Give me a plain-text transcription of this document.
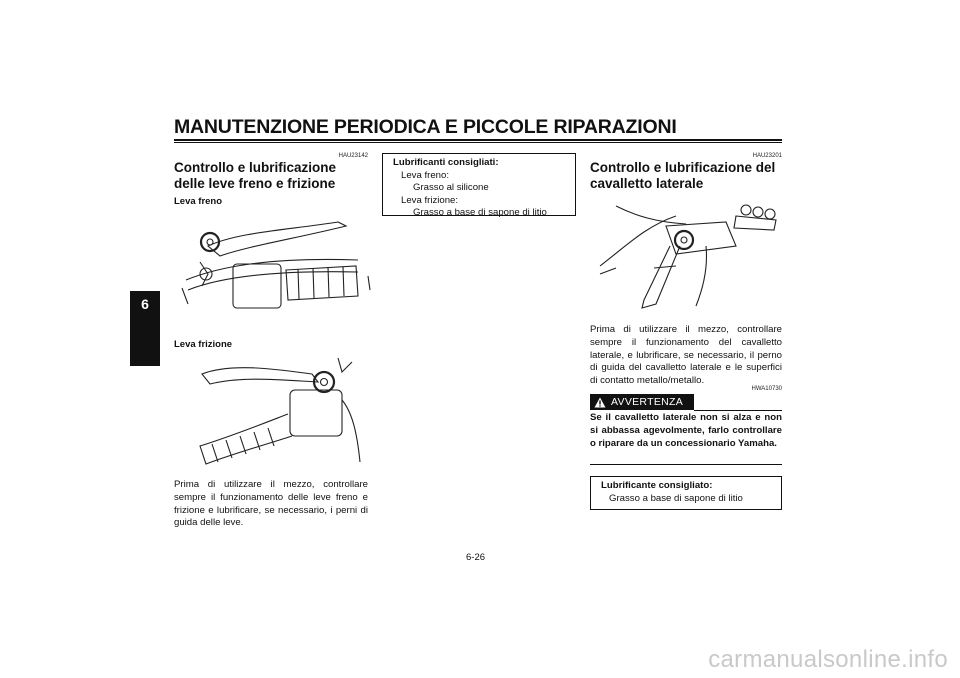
MANUTENZIONE PERIODICA E PICCOLE RIPARAZIONI
6
HAU23142
Controllo e lubrificazione delle leve freno e frizione
Leva freno
Leva frizione
Prima di utilizzare il mezzo, controllare sempre il funzionamento delle leve freno e frizione e lubrificare, se necessario, i perni di guida delle leve.
Lubrificanti consigliati:
Leva freno:
Grasso al silicone
Leva frizione:
Grasso a base di sapone di litio
HAU23201
Controllo e lubrificazione del cavalletto laterale
Prima di utilizzare il mezzo, controllare sempre il funzionamento del cavalletto laterale, e lubrificare, se necessario, il perno di guida del cavalletto laterale e le superfici di contatto metallo/metallo.
HWA10730
AVVERTENZA
Se il cavalletto laterale non si alza e non si abbassa agevolmente, farlo controllare o riparare da un concessionario Yamaha.
Lubrificante consigliato:
Grasso a base di sapone di litio
6-26
carmanualsonline.info
